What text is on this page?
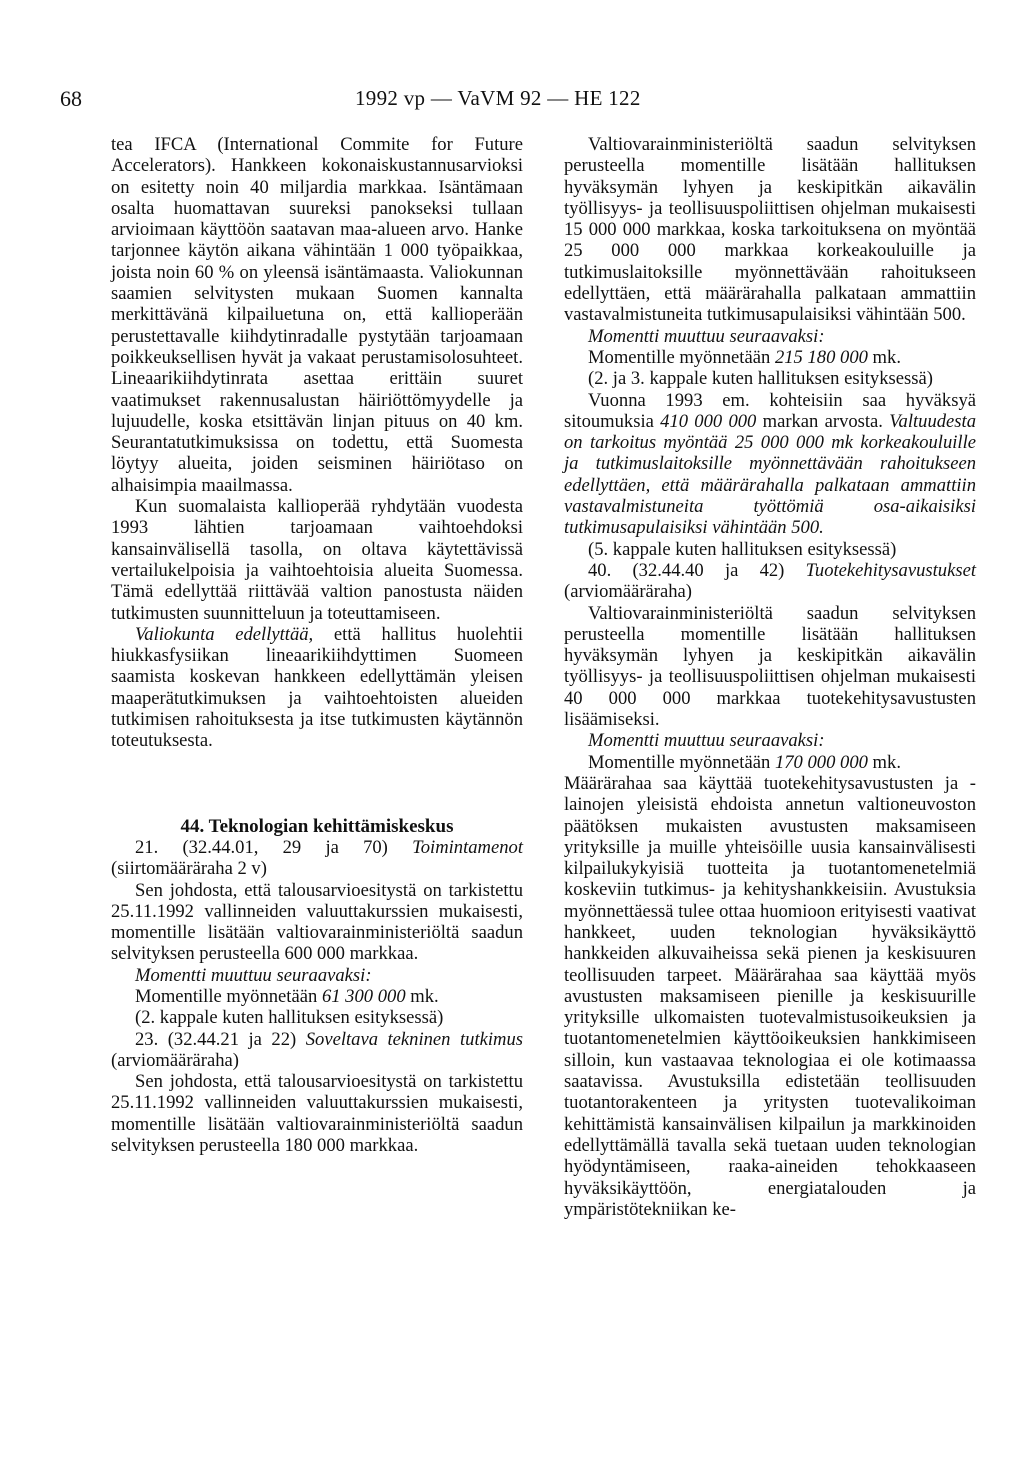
68	1992 vp — VaVM 92 — HE 122

tea IFCA (International Commite for Future Accelerators). Hankkeen kokonaiskustannusarvioksi on esitetty noin 40 miljardia markkaa. Isäntämaan osalta huomattavan suureksi panokseksi tullaan arvioimaan käyttöön saatavan maa-alueen arvo. Hanke tarjonnee käytön aikana vähintään 1 000 työpaikkaa, joista noin 60 % on yleensä isäntämaasta. Valiokunnan saamien selvitysten mukaan Suomen kannalta merkittävänä kilpailuetuna on, että kallioperään perustettavalle kiihdytinradalle pystytään tarjoamaan poikkeuksellisen hyvät ja vakaat perustamisolosuhteet. Lineaarikiihdytinrata asettaa erittäin suuret vaatimukset rakennusalustan häiriöttömyydelle ja lujuudelle, koska etsittävän linjan pituus on 40 km. Seurantatutkimuksissa on todettu, että Suomesta löytyy alueita, joiden seisminen häiriötaso on alhaisimpia maailmassa.

Kun suomalaista kallioperää ryhdytään vuodesta 1993 lähtien tarjoamaan vaihtoehdoksi kansainvälisellä tasolla, on oltava käytettävissä vertailukelpoisia ja vaihtoehtoisia alueita Suomessa. Tämä edellyttää riittävää valtion panostusta näiden tutkimusten suunnitteluun ja toteuttamiseen.

Valiokunta edellyttää, että hallitus huolehtii hiukkasfysiikan lineaarikiihdyttimen Suomeen saamista koskevan hankkeen edellyttämän yleisen maaperätutkimuksen ja vaihtoehtoisten alueiden tutkimisen rahoituksesta ja itse tutkimusten käytännön toteutuksesta.

44. Teknologian kehittämiskeskus

21. (32.44.01, 29 ja 70) Toimintamenot (siirtomääräraha 2 v)

Sen johdosta, että talousarvioesitystä on tarkistettu 25.11.1992 vallinneiden valuuttakurssien mukaisesti, momentille lisätään valtiovarainministeriöltä saadun selvityksen perusteella 600 000 markkaa.

Momentti muuttuu seuraavaksi:

Momentille myönnetään 61 300 000 mk.

(2. kappale kuten hallituksen esityksessä)

23. (32.44.21 ja 22) Soveltava tekninen tutkimus (arviomääräraha)

Sen johdosta, että talousarvioesitystä on tarkistettu 25.11.1992 vallinneiden valuuttakurssien mukaisesti, momentille lisätään valtiovarainministeriöltä saadun selvityksen perusteella 180 000 markkaa.

Valtiovarainministeriöltä saadun selvityksen perusteella momentille lisätään hallituksen hyväksymän lyhyen ja keskipitkän aikavälin työllisyys- ja teollisuuspoliittisen ohjelman mukaisesti 15 000 000 markkaa, koska tarkoituksena on myöntää 25 000 000 markkaa korkeakouluille ja tutkimuslaitoksille myönnettävään rahoitukseen edellyttäen, että määrärahalla palkataan ammattiin vastavalmistuneita tutkimusapulaisiksi vähintään 500.

Momentti muuttuu seuraavaksi:

Momentille myönnetään 215 180 000 mk.

(2. ja 3. kappale kuten hallituksen esityksessä)

Vuonna 1993 em. kohteisiin saa hyväksyä sitoumuksia 410 000 000 markan arvosta. Valtuudesta on tarkoitus myöntää 25 000 000 mk korkeakouluille ja tutkimuslaitoksille myönnettävään rahoitukseen edellyttäen, että määrärahalla palkataan ammattiin vastavalmistuneita työttömiä osa-aikaisiksi tutkimusapulaisiksi vähintään 500.

(5. kappale kuten hallituksen esityksessä)

40. (32.44.40 ja 42) Tuotekehitysavustukset (arviomääräraha)

Valtiovarainministeriöltä saadun selvityksen perusteella momentille lisätään hallituksen hyväksymän lyhyen ja keskipitkän aikavälin työllisyys- ja teollisuuspoliittisen ohjelman mukaisesti 40 000 000 markkaa tuotekehitysavustusten lisäämiseksi.

Momentti muuttuu seuraavaksi:

Momentille myönnetään 170 000 000 mk.

Määrärahaa saa käyttää tuotekehitysavustusten ja -lainojen yleisistä ehdoista annetun valtioneuvoston päätöksen mukaisten avustusten maksamiseen yrityksille ja muille yhteisöille uusia kansainvälisesti kilpailukykyisiä tuotteita ja tuotantomenetelmiä koskeviin tutkimus- ja kehityshankkeisiin. Avustuksia myönnettäessä tulee ottaa huomioon erityisesti vaativat hankkeet, uuden teknologian hyväksikäyttö hankkeiden alkuvaiheissa sekä pienen ja keskisuuren teollisuuden tarpeet. Määrärahaa saa käyttää myös avustusten maksamiseen pienille ja keskisuurille yrityksille ulkomaisten tuotevalmistusoikeuksien ja tuotantomenetelmien käyttöoikeuksien hankkimiseen silloin, kun vastaavaa teknologiaa ei ole kotimaassa saatavissa. Avustuksilla edistetään teollisuuden tuotantorakenteen ja yritysten tuotevalikoiman kehittämistä kansainvälisen kilpailun ja markkinoiden edellyttämällä tavalla sekä tuetaan uuden teknologian hyödyntämiseen, raaka-aineiden tehokkaaseen hyväksikäyttöön, energiatalouden ja ympäristötekniikan ke-
